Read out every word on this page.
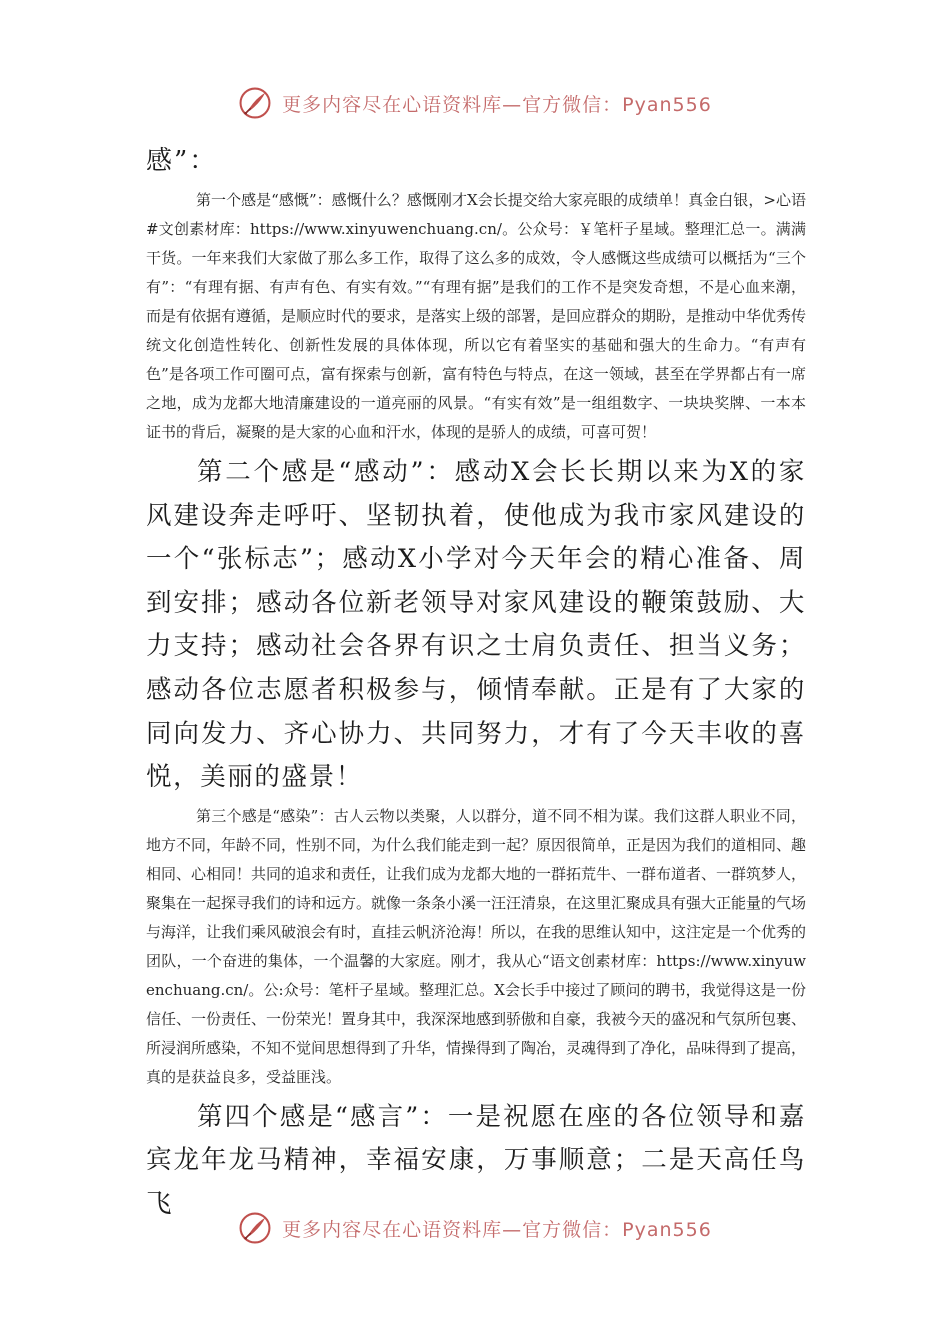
更多内容尽在心语资料库—官方微信：Pyan556

感”：

第一个感是“感慨”：感慨什么？感慨刚才X会长提交给大家亮眼的成绩单！真金白银，>心语#文创素材库：https://www.xinyuwenchuang.cn/。公众号：￥笔杆子星域。整理汇总一。满满干货。一年来我们大家做了那么多工作，取得了这么多的成效，令人感慨这些成绩可以概括为“三个有”：“有理有据、有声有色、有实有效。”“有理有据”是我们的工作不是突发奇想，不是心血来潮，而是有依据有遵循，是顺应时代的要求，是落实上级的部署，是回应群众的期盼，是推动中华优秀传统文化创造性转化、创新性发展的具体体现，所以它有着坚实的基础和强大的生命力。“有声有色”是各项工作可圈可点，富有探索与创新，富有特色与特点，在这一领域，甚至在学界都占有一席之地，成为龙都大地清廉建设的一道亮丽的风景。“有实有效”是一组组数字、一块块奖牌、一本本证书的背后，凝聚的是大家的心血和汗水，体现的是骄人的成绩，可喜可贺！

第二个感是“感动”：感动X会长长期以来为X的家风建设奔走呼吁、坚韧执着，使他成为我市家风建设的一个“张标志”；感动X小学对今天年会的精心准备、周到安排；感动各位新老领导对家风建设的鞭策鼓励、大力支持；感动社会各界有识之士肩负责任、担当义务；感动各位志愿者积极参与，倾情奉献。正是有了大家的同向发力、齐心协力、共同努力，才有了今天丰收的喜悦，美丽的盛景！

第三个感是“感染”：古人云物以类聚，人以群分，道不同不相为谋。我们这群人职业不同，地方不同，年龄不同，性别不同，为什么我们能走到一起？原因很简单，正是因为我们的道相同、趣相同、心相同！共同的追求和责任，让我们成为龙都大地的一群拓荒牛、一群布道者、一群筑梦人，聚集在一起探寻我们的诗和远方。就像一条条小溪一汪汪清泉，在这里汇聚成具有强大正能量的气场与海洋，让我们乘风破浪会有时，直挂云帆济沧海！所以，在我的思维认知中，这注定是一个优秀的团队，一个奋进的集体，一个温馨的大家庭。刚才，我从心“语文创素材库：https://www.xinyuwenchuang.cn/。公:众号：笔杆子星域。整理汇总。X会长手中接过了顾问的聘书，我觉得这是一份信任、一份责任、一份荣光！置身其中，我深深地感到骄傲和自豪，我被今天的盛况和气氛所包裹、所浸润所感染，不知不觉间思想得到了升华，情操得到了陶冶，灵魂得到了净化，品味得到了提高，真的是获益良多，受益匪浅。

第四个感是“感言”：一是祝愿在座的各位领导和嘉宾龙年龙马精神，幸福安康，万事顺意；二是天高任鸟飞

更多内容尽在心语资料库—官方微信：Pyan556
